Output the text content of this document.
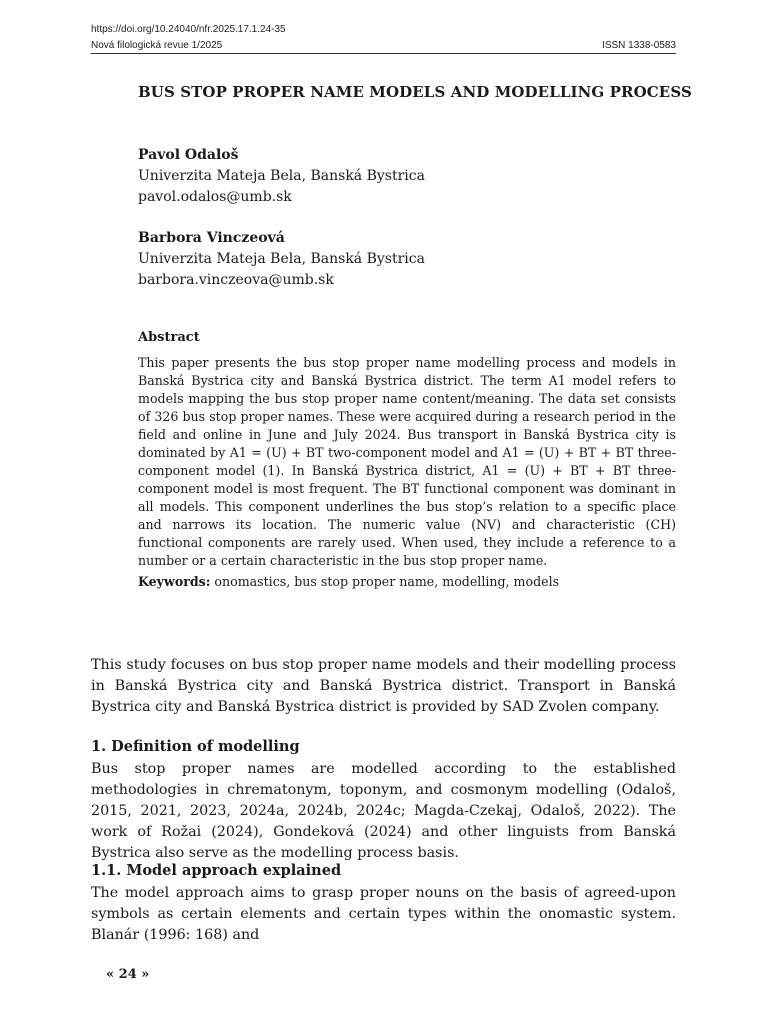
https://doi.org/10.24040/nfr.2025.17.1.24-35
Nová filologická revue 1/2025	ISSN 1338-0583
BUS STOP PROPER NAME MODELS AND MODELLING PROCESS
Pavol Odaloš
Univerzita Mateja Bela, Banská Bystrica
pavol.odalos@umb.sk
Barbora Vinczeová
Univerzita Mateja Bela, Banská Bystrica
barbora.vinczeova@umb.sk
Abstract

This paper presents the bus stop proper name modelling process and models in Banská Bystrica city and Banská Bystrica district. The term A1 model refers to models mapping the bus stop proper name content/meaning. The data set consists of 326 bus stop proper names. These were acquired during a research period in the field and online in June and July 2024. Bus transport in Banská Bystrica city is dominated by A1 = (U) + BT two-component model and A1 = (U) + BT + BT three-component model (1). In Banská Bystrica district, A1 = (U) + BT + BT three-component model is most frequent. The BT functional component was dominant in all models. This component underlines the bus stop’s relation to a specific place and narrows its location. The numeric value (NV) and characteristic (CH) functional components are rarely used. When used, they include a reference to a number or a certain characteristic in the bus stop proper name.

Keywords: onomastics, bus stop proper name, modelling, models

This study focuses on bus stop proper name models and their modelling process in Banská Bystrica city and Banská Bystrica district. Transport in Banská Bystrica city and Banská Bystrica district is provided by SAD Zvolen company.

1. Definition of modelling

Bus stop proper names are modelled according to the established methodologies in chrematonym, toponym, and cosmonym modelling (Odaloš, 2015, 2021, 2023, 2024a, 2024b, 2024c; Magda-Czekaj, Odaloš, 2022). The work of Rožai (2024), Gondeková (2024) and other linguists from Banská Bystrica also serve as the modelling process basis.

1.1. Model approach explained

The model approach aims to grasp proper nouns on the basis of agreed-upon symbols as certain elements and certain types within the onomastic system. Blanár (1996: 168) and

« 24 »
